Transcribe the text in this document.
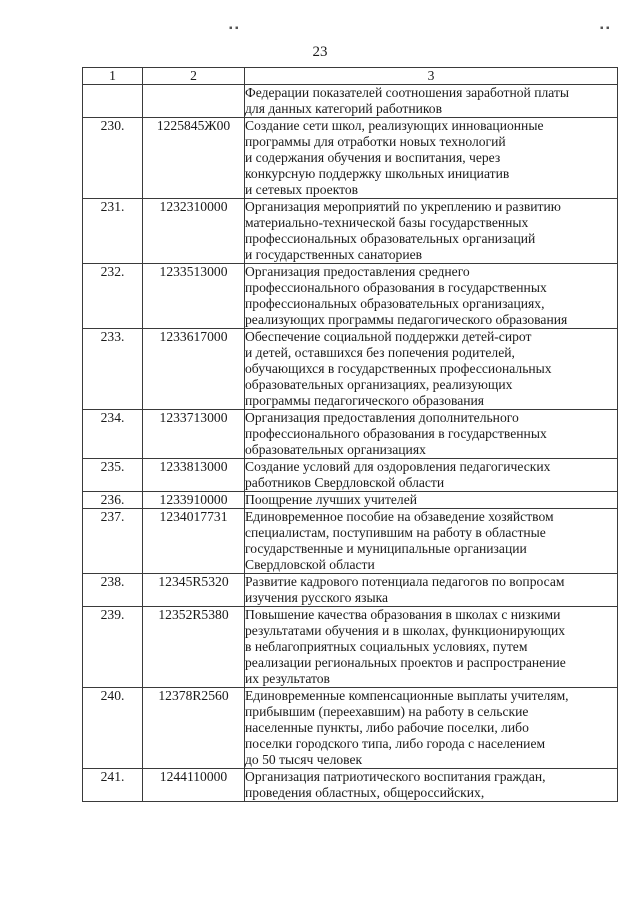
▪ ▪	▪ ▪
23
1	2	3

		Федерации показателей соотношения заработной платы
для данных категорий работников

230.	1225845Ж00	Создание сети школ, реализующих инновационные
программы для отработки новых технологий
и содержания обучения и воспитания, через
конкурсную поддержку школьных инициатив
и сетевых проектов

231.	1232310000	Организация мероприятий по укреплению и развитию
материально-технической базы государственных
профессиональных образовательных организаций
и государственных санаториев

232.	1233513000	Организация предоставления среднего
профессионального образования в государственных
профессиональных образовательных организациях,
реализующих программы педагогического образования

233.	1233617000	Обеспечение социальной поддержки детей-сирот
и детей, оставшихся без попечения родителей,
обучающихся в государственных профессиональных
образовательных организациях, реализующих
программы педагогического образования

234.	1233713000	Организация предоставления дополнительного
профессионального образования в государственных
образовательных организациях

235.	1233813000	Создание условий для оздоровления педагогических
работников Свердловской области

236.	1233910000	Поощрение лучших учителей

237.	1234017731	Единовременное пособие на обзаведение хозяйством
специалистам, поступившим на работу в областные
государственные и муниципальные организации
Свердловской области

238.	12345R5320	Развитие кадрового потенциала педагогов по вопросам
изучения русского языка

239.	12352R5380	Повышение качества образования в школах с низкими
результатами обучения и в школах, функционирующих
в неблагоприятных социальных условиях, путем
реализации региональных проектов и распространение
их результатов

240.	12378R2560	Единовременные компенсационные выплаты учителям,
прибывшим (переехавшим) на работу в сельские
населенные пункты, либо рабочие поселки, либо
поселки городского типа, либо города с населением
до 50 тысяч человек

241.	1244110000	Организация патриотического воспитания граждан,
проведения областных, общероссийских,
